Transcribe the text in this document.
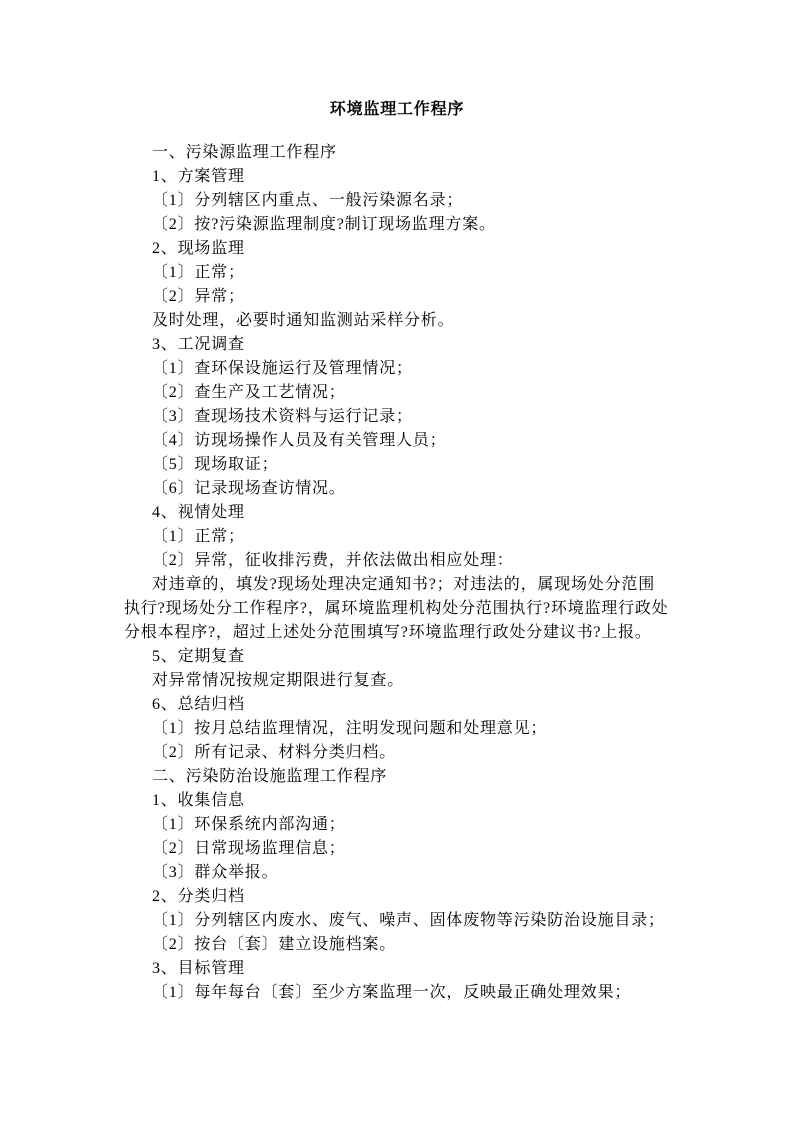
环境监理工作程序
一、污染源监理工作程序
1、方案管理
〔1〕分列辖区内重点、一般污染源名录；
〔2〕按?污染源监理制度?制订现场监理方案。
2、现场监理
〔1〕正常；
〔2〕异常；
及时处理，必要时通知监测站采样分析。
3、工况调查
〔1〕查环保设施运行及管理情况；
〔2〕查生产及工艺情况；
〔3〕查现场技术资料与运行记录；
〔4〕访现场操作人员及有关管理人员；
〔5〕现场取证；
〔6〕记录现场查访情况。
4、视情处理
〔1〕正常；
〔2〕异常，征收排污费，并依法做出相应处理：
对违章的，填发?现场处理决定通知书?；对违法的，属现场处分范围
执行?现场处分工作程序?，属环境监理机构处分范围执行?环境监理行政处
分根本程序?，超过上述处分范围填写?环境监理行政处分建议书?上报。
5、定期复查
对异常情况按规定期限进行复查。
6、总结归档
〔1〕按月总结监理情况，注明发现问题和处理意见；
〔2〕所有记录、材料分类归档。
二、污染防治设施监理工作程序
1、收集信息
〔1〕环保系统内部沟通；
〔2〕日常现场监理信息；
〔3〕群众举报。
2、分类归档
〔1〕分列辖区内废水、废气、噪声、固体废物等污染防治设施目录；
〔2〕按台〔套〕建立设施档案。
3、目标管理
〔1〕每年每台〔套〕至少方案监理一次，反映最正确处理效果；
